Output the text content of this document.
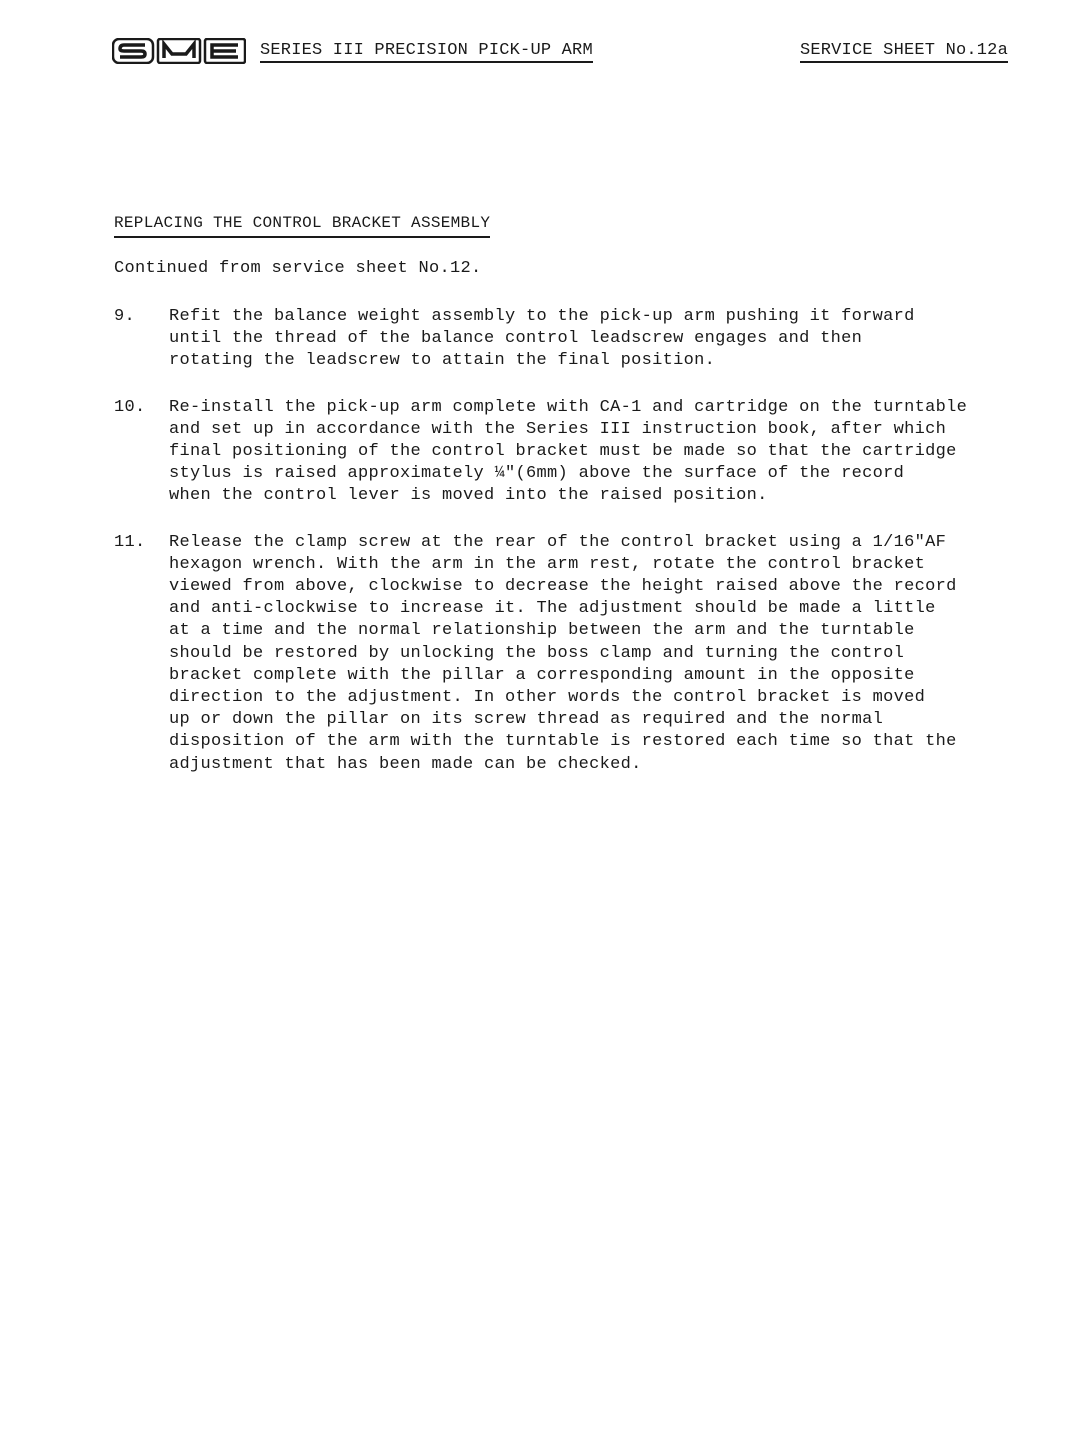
SERIES III PRECISION PICK-UP ARM	SERVICE SHEET No.12a
REPLACING THE CONTROL BRACKET ASSEMBLY
Continued from service sheet No.12.
9. Refit the balance weight assembly to the pick-up arm pushing it forward
until the thread of the balance control leadscrew engages and then
rotating the leadscrew to attain the final position.
10. Re-install the pick-up arm complete with CA-1 and cartridge on the turntable
and set up in accordance with the Series III instruction book, after which
final positioning of the control bracket must be made so that the cartridge
stylus is raised approximately ¼"(6mm) above the surface of the record
when the control lever is moved into the raised position.
11. Release the clamp screw at the rear of the control bracket using a 1/16"AF
hexagon wrench. With the arm in the arm rest, rotate the control bracket
viewed from above, clockwise to decrease the height raised above the record
and anti-clockwise to increase it. The adjustment should be made a little
at a time and the normal relationship between the arm and the turntable
should be restored by unlocking the boss clamp and turning the control
bracket complete with the pillar a corresponding amount in the opposite
direction to the adjustment. In other words the control bracket is moved
up or down the pillar on its screw thread as required and the normal
disposition of the arm with the turntable is restored each time so that the
adjustment that has been made can be checked.
